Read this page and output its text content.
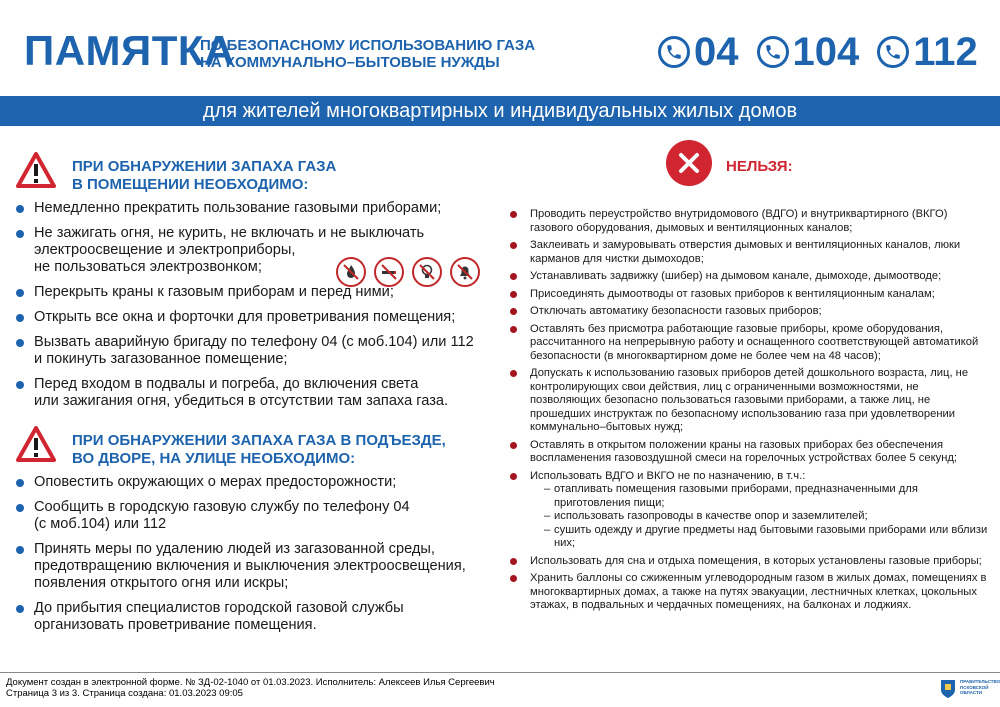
ПАМЯТКА
ПО БЕЗОПАСНОМУ ИСПОЛЬЗОВАНИЮ ГАЗА
НА КОММУНАЛЬНО–БЫТОВЫЕ НУЖДЫ	04 104 112
для жителей многоквартирных и индивидуальных жилых домов
ПРИ ОБНАРУЖЕНИИ ЗАПАХА ГАЗА
В ПОМЕЩЕНИИ НЕОБХОДИМО:
Немедленно прекратить пользование газовыми приборами;
Не зажигать огня, не курить, не включать и не выключать
электроосвещение и электроприборы,
не пользоваться электрозвонком;
Перекрыть краны к газовым приборам и перед ними;
Открыть все окна и форточки для проветривания помещения;
Вызвать аварийную бригаду по телефону 04 (с моб.104) или 112
и покинуть загазованное помещение;
Перед входом в подвалы и погреба, до включения света
или зажигания огня, убедиться в отсутствии там запаха газа.
ПРИ ОБНАРУЖЕНИИ ЗАПАХА ГАЗА В ПОДЪЕЗДЕ,
ВО ДВОРЕ, НА УЛИЦЕ НЕОБХОДИМО:
Оповестить окружающих о мерах предосторожности;
Сообщить в городскую газовую службу по телефону 04
(с моб.104) или 112
Принять меры по удалению людей из загазованной среды,
предотвращению включения и выключения электроосвещения,
появления открытого огня или искры;
До прибытия специалистов городской газовой службы
организовать проветривание помещения.
НЕЛЬЗЯ:
Проводить переустройство внутридомового (ВДГО) и внутриквартирного (ВКГО) газового оборудования, дымовых и вентиляционных каналов;
Заклеивать и замуровывать отверстия дымовых и вентиляционных каналов, люки карманов для чистки дымоходов;
Устанавливать задвижку (шибер) на дымовом канале, дымоходе, дымоотводе;
Присоединять дымоотводы от газовых приборов к вентиляционным каналам;
Отключать автоматику безопасности газовых приборов;
Оставлять без присмотра работающие газовые приборы, кроме оборудования, рассчитанного на непрерывную работу и оснащенного соответствующей автоматикой безопасности (в многоквартирном доме не более чем на 48 часов);
Допускать к использованию газовых приборов детей дошкольного возраста, лиц, не контролирующих свои действия, лиц с ограниченными возможностями, не позволяющих безопасно пользоваться газовыми приборами, а также лиц, не прошедших инструктаж по безопасному использованию газа при удовлетворении коммунально–бытовых нужд;
Оставлять в открытом положении краны на газовых приборах без обеспечения воспламенения газовоздушной смеси на горелочных устройствах более 5 секунд;
Использовать ВДГО и ВКГО не по назначению, в т.ч.:
– отапливать помещения газовыми приборами, предназначенными для приготовления пищи;
– использовать газопроводы в качестве опор и заземлителей;
– сушить одежду и другие предметы над бытовыми газовыми приборами или вблизи них;
Использовать для сна и отдыха помещения, в которых установлены газовые приборы;
Хранить баллоны со сжиженным углеводородным газом в жилых домах, помещениях в многоквартирных домах, а также на путях эвакуации, лестничных клетках, цокольных этажах, в подвальных и чердачных помещениях, на балконах и лоджиях.
Документ создан в электронной форме. № ЗД-02-1040 от 01.03.2023. Исполнитель: Алексеев Илья Сергеевич
Страница 3 из 3. Страница создана: 01.03.2023 09:05
ПРАВИТЕЛЬСТВО ПСКОВСКОЙ ОБЛАСТИ
